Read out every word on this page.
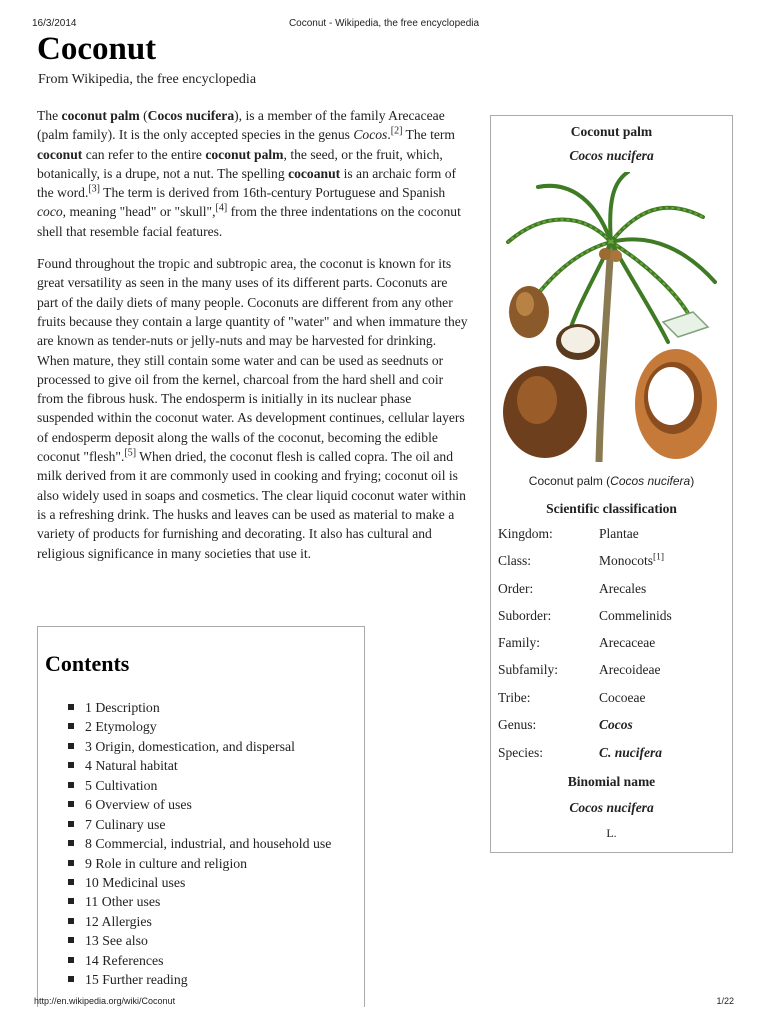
16/3/2014	Coconut - Wikipedia, the free encyclopedia
Coconut
From Wikipedia, the free encyclopedia

The coconut palm (Cocos nucifera), is a member of the family Arecaceae (palm family). It is the only accepted species in the genus Cocos.[2] The term coconut can refer to the entire coconut palm, the seed, or the fruit, which, botanically, is a drupe, not a nut. The spelling cocoanut is an archaic form of the word.[3] The term is derived from 16th-century Portuguese and Spanish coco, meaning "head" or "skull",[4] from the three indentations on the coconut shell that resemble facial features.

Found throughout the tropic and subtropic area, the coconut is known for its great versatility as seen in the many uses of its different parts. Coconuts are part of the daily diets of many people. Coconuts are different from any other fruits because they contain a large quantity of "water" and when immature they are known as tender-nuts or jelly-nuts and may be harvested for drinking. When mature, they still contain some water and can be used as seednuts or processed to give oil from the kernel, charcoal from the hard shell and coir from the fibrous husk. The endosperm is initially in its nuclear phase suspended within the coconut water. As development continues, cellular layers of endosperm deposit along the walls of the coconut, becoming the edible coconut "flesh".[5] When dried, the coconut flesh is called copra. The oil and milk derived from it are commonly used in cooking and frying; coconut oil is also widely used in soaps and cosmetics. The clear liquid coconut water within is a refreshing drink. The husks and leaves can be used as material to make a variety of products for furnishing and decorating. It also has cultural and religious significance in many societies that use it.

Coconut palm
Cocos nucifera
Coconut palm (Cocos nucifera)
Scientific classification
Kingdom:	Plantae
Class:	Monocots[1]
Order:	Arecales
Suborder:	Commelinids
Family:	Arecaceae
Subfamily:	Arecoideae
Tribe:	Cocoeae
Genus:	Cocos
Species:	C. nucifera
Binomial name
Cocos nucifera
L.
Contents
1 Description
2 Etymology
3 Origin, domestication, and dispersal
4 Natural habitat
5 Cultivation
6 Overview of uses
7 Culinary use
8 Commercial, industrial, and household use
9 Role in culture and religion
10 Medicinal uses
11 Other uses
12 Allergies
13 See also
14 References
15 Further reading
http://en.wikipedia.org/wiki/Coconut	1/22
